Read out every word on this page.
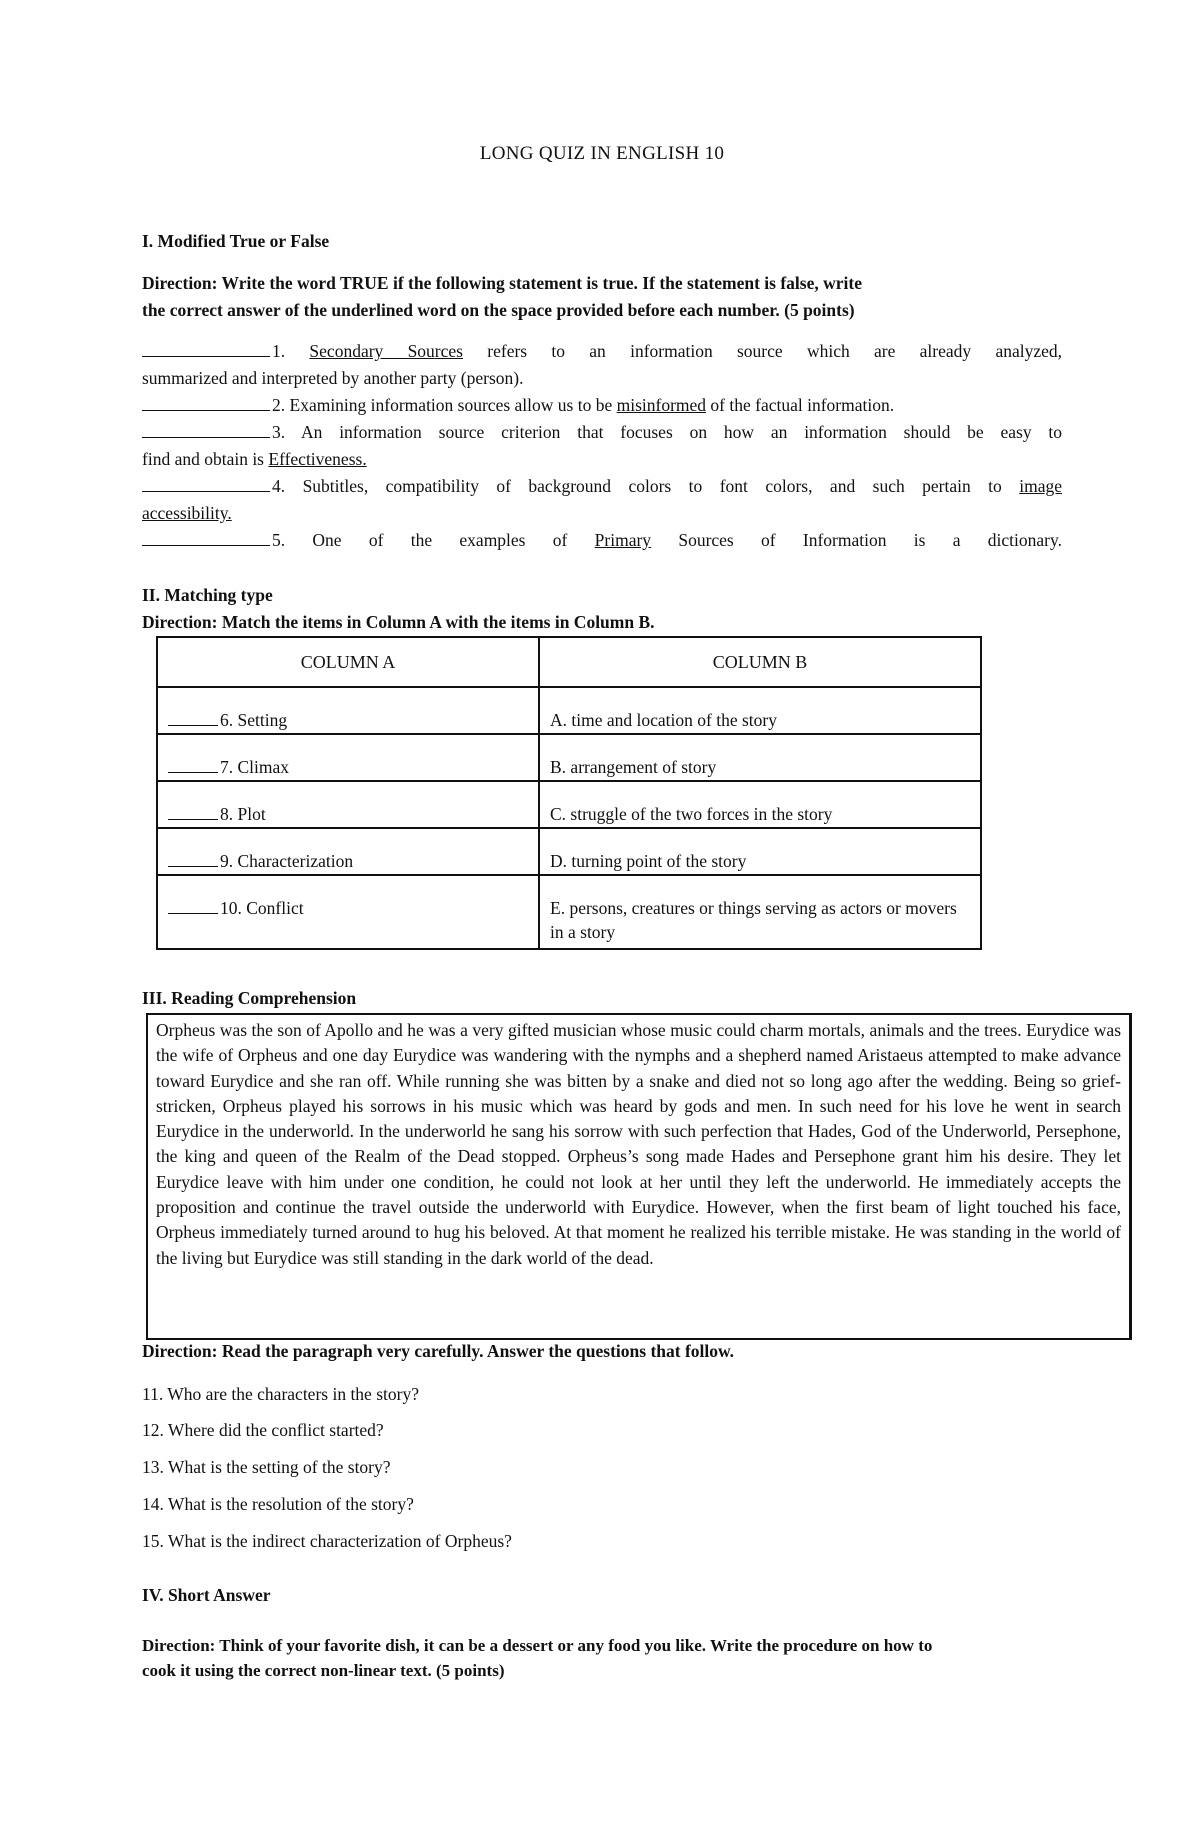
LONG QUIZ IN ENGLISH 10
I. Modified True or False
Direction: Write the word TRUE if the following statement is true. If the statement is false, write
the correct answer of the underlined word on the space provided before each number. (5 points)
1. Secondary Sources refers to an information source which are already analyzed,
summarized and interpreted by another party (person).
2. Examining information sources allow us to be misinformed of the factual information.
3. An information source criterion that focuses on how an information should be easy to
find and obtain is Effectiveness.
4. Subtitles, compatibility of background colors to font colors, and such pertain to image
accessibility.
5. One of the examples of Primary Sources of Information is a dictionary.
II. Matching type
Direction: Match the items in Column A with the items in Column B.
COLUMN A	COLUMN B
6. Setting	A. time and location of the story
7. Climax	B. arrangement of story
8. Plot	C. struggle of the two forces in the story
9. Characterization	D. turning point of the story
10. Conflict	E. persons, creatures or things serving as actors or movers in a story
III. Reading Comprehension
Orpheus was the son of Apollo and he was a very gifted musician whose music could charm mortals, animals and the trees. Eurydice was the wife of Orpheus and one day Eurydice was wandering with the nymphs and a shepherd named Aristaeus attempted to make advance toward Eurydice and she ran off. While running she was bitten by a snake and died not so long ago after the wedding. Being so grief-stricken, Orpheus played his sorrows in his music which was heard by gods and men. In such need for his love he went in search Eurydice in the underworld. In the underworld he sang his sorrow with such perfection that Hades, God of the Underworld, Persephone, the king and queen of the Realm of the Dead stopped. Orpheus’s song made Hades and Persephone grant him his desire. They let Eurydice leave with him under one condition, he could not look at her until they left the underworld. He immediately accepts the proposition and continue the travel outside the underworld with Eurydice. However, when the first beam of light touched his face, Orpheus immediately turned around to hug his beloved. At that moment he realized his terrible mistake. He was standing in the world of the living but Eurydice was still standing in the dark world of the dead.
Direction: Read the paragraph very carefully. Answer the questions that follow.
11. Who are the characters in the story?
12. Where did the conflict started?
13. What is the setting of the story?
14. What is the resolution of the story?
15. What is the indirect characterization of Orpheus?
IV. Short Answer
Direction: Think of your favorite dish, it can be a dessert or any food you like. Write the procedure on how to
cook it using the correct non-linear text. (5 points)
